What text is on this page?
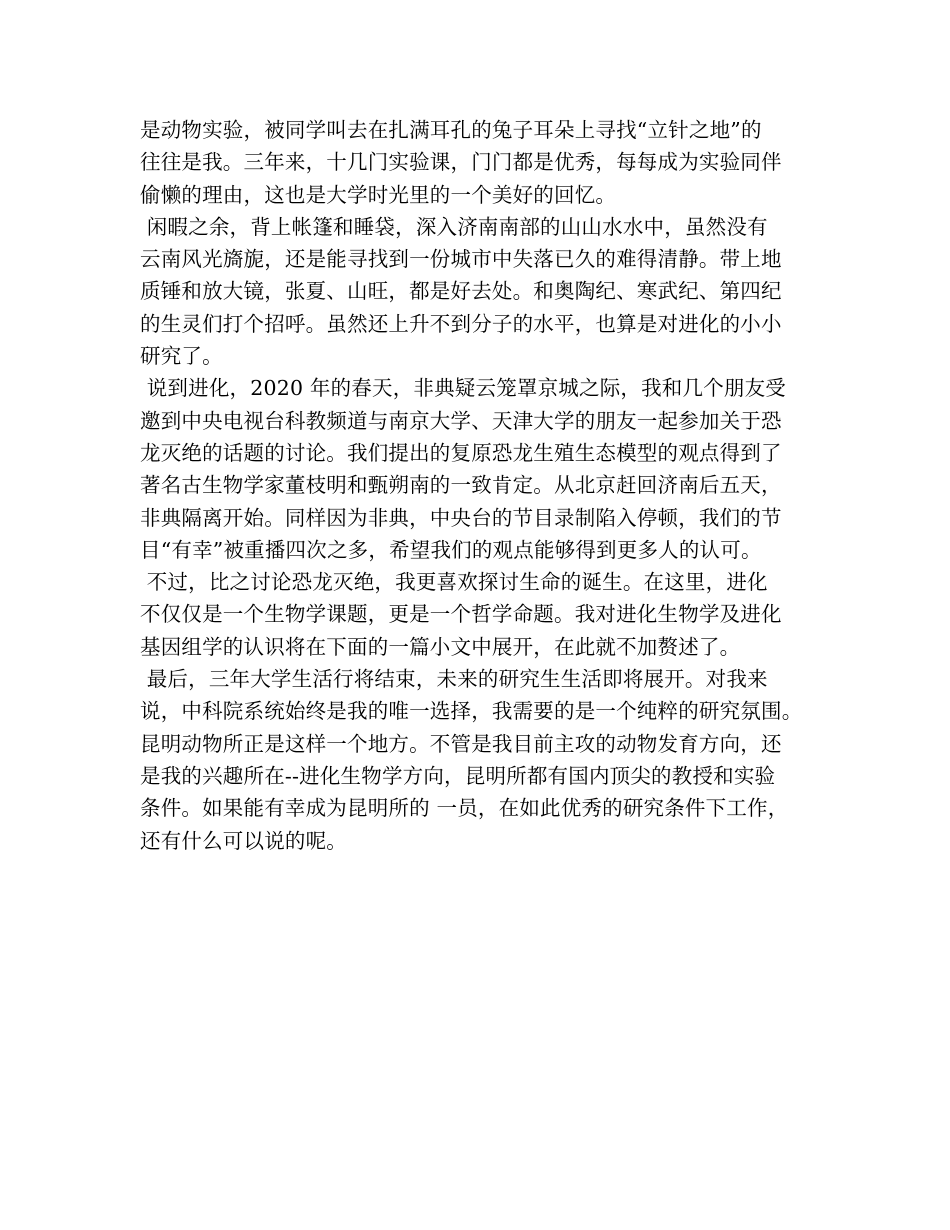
是动物实验，被同学叫去在扎满耳孔的兔子耳朵上寻找“立针之地”的
往往是我。三年来，十几门实验课，门门都是优秀，每每成为实验同伴
偷懒的理由，这也是大学时光里的一个美好的回忆。
闲暇之余，背上帐篷和睡袋，深入济南南部的山山水水中，虽然没有
云南风光旖旎，还是能寻找到一份城市中失落已久的难得清静。带上地
质锤和放大镜，张夏、山旺，都是好去处。和奥陶纪、寒武纪、第四纪
的生灵们打个招呼。虽然还上升不到分子的水平，也算是对进化的小小
研究了。
说到进化，2020 年的春天，非典疑云笼罩京城之际，我和几个朋友受
邀到中央电视台科教频道与南京大学、天津大学的朋友一起参加关于恐
龙灭绝的话题的讨论。我们提出的复原恐龙生殖生态模型的观点得到了
著名古生物学家董枝明和甄朔南的一致肯定。从北京赶回济南后五天，
非典隔离开始。同样因为非典，中央台的节目录制陷入停顿，我们的节
目“有幸”被重播四次之多，希望我们的观点能够得到更多人的认可。
不过，比之讨论恐龙灭绝，我更喜欢探讨生命的诞生。在这里，进化
不仅仅是一个生物学课题，更是一个哲学命题。我对进化生物学及进化
基因组学的认识将在下面的一篇小文中展开，在此就不加赘述了。
最后，三年大学生活行将结束，未来的研究生生活即将展开。对我来
说，中科院系统始终是我的唯一选择，我需要的是一个纯粹的研究氛围。
昆明动物所正是这样一个地方。不管是我目前主攻的动物发育方向，还
是我的兴趣所在--进化生物学方向，昆明所都有国内顶尖的教授和实验
条件。如果能有幸成为昆明所的 一员，在如此优秀的研究条件下工作，
还有什么可以说的呢。
